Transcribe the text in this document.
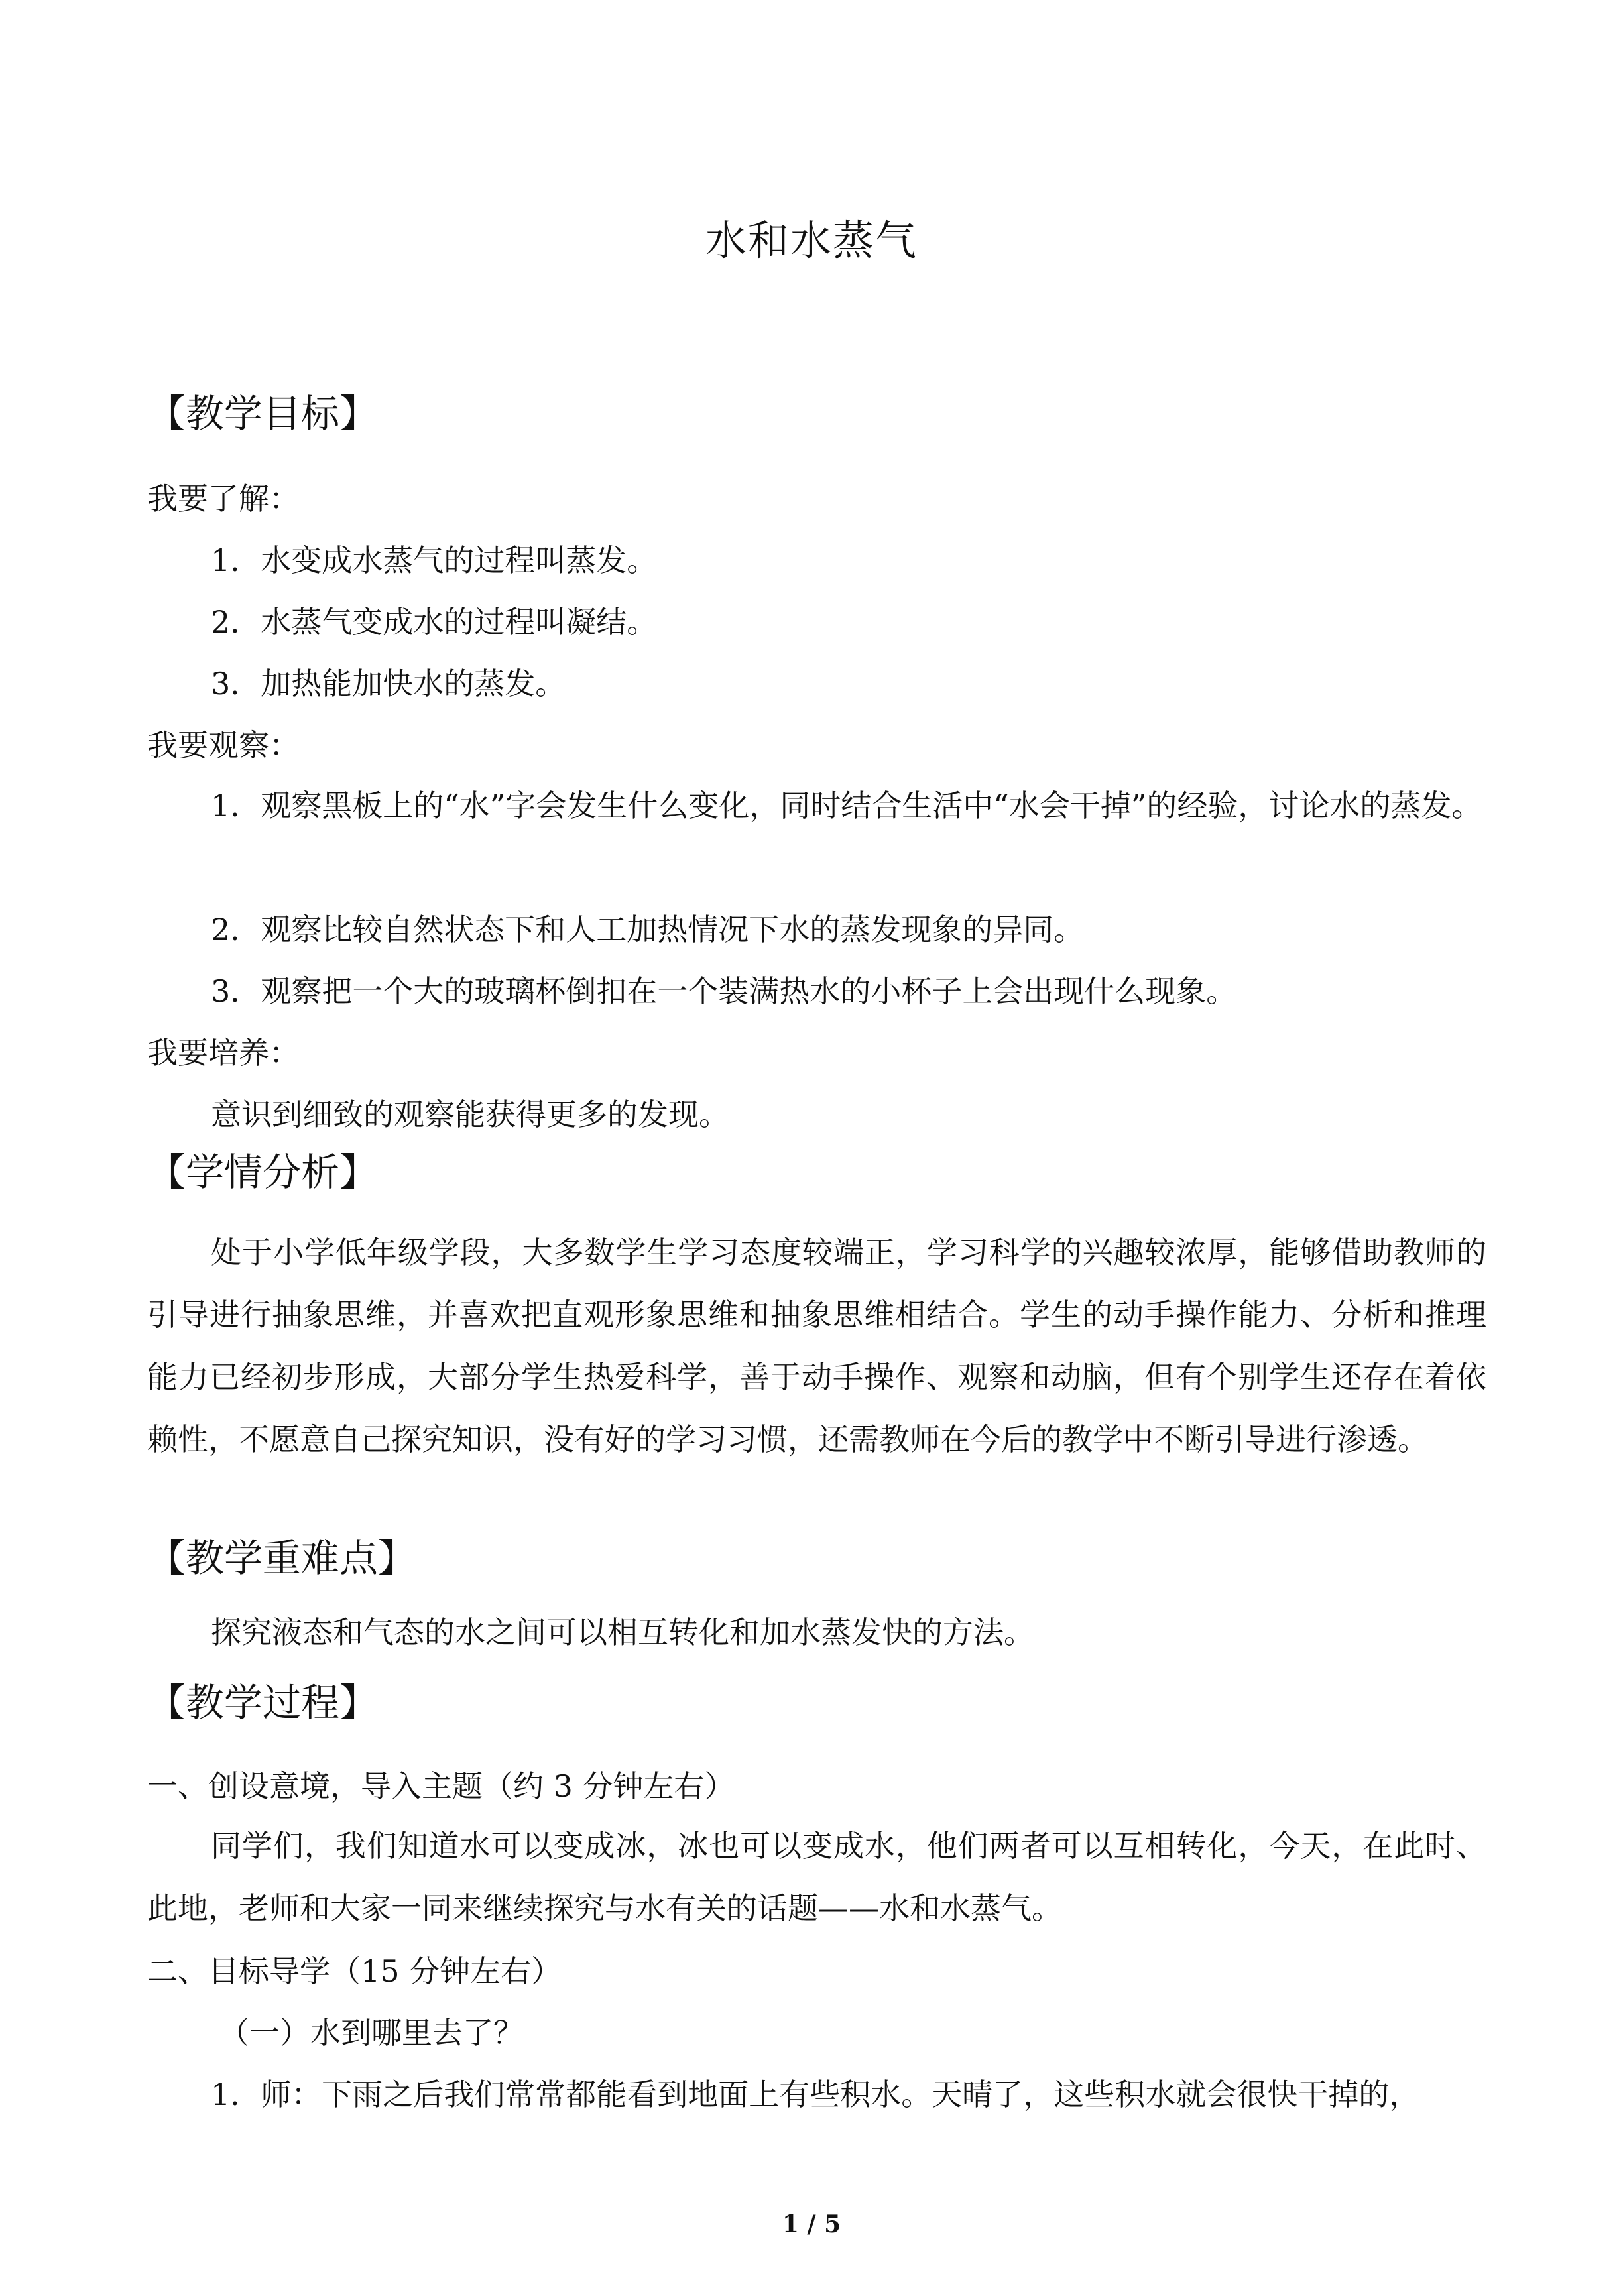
水和水蒸气
【教学目标】
我要了解：
1．水变成水蒸气的过程叫蒸发。
2．水蒸气变成水的过程叫凝结。
3．加热能加快水的蒸发。
我要观察：
1．观察黑板上的“水”字会发生什么变化，同时结合生活中“水会干掉”的经验，讨论水的蒸发。
2．观察比较自然状态下和人工加热情况下水的蒸发现象的异同。
3．观察把一个大的玻璃杯倒扣在一个装满热水的小杯子上会出现什么现象。
我要培养：
意识到细致的观察能获得更多的发现。
【学情分析】
处于小学低年级学段，大多数学生学习态度较端正，学习科学的兴趣较浓厚，能够借助教师的引导进行抽象思维，并喜欢把直观形象思维和抽象思维相结合。学生的动手操作能力、分析和推理能力已经初步形成，大部分学生热爱科学，善于动手操作、观察和动脑，但有个别学生还存在着依赖性，不愿意自己探究知识，没有好的学习习惯，还需教师在今后的教学中不断引导进行渗透。
【教学重难点】
探究液态和气态的水之间可以相互转化和加水蒸发快的方法。
【教学过程】
一、创设意境，导入主题（约 3 分钟左右）
同学们，我们知道水可以变成冰，冰也可以变成水，他们两者可以互相转化，今天，在此时、此地，老师和大家一同来继续探究与水有关的话题——水和水蒸气。
二、目标导学（15 分钟左右）
（一）水到哪里去了？
1．师：下雨之后我们常常都能看到地面上有些积水。天晴了，这些积水就会很快干掉的，
1 / 5
